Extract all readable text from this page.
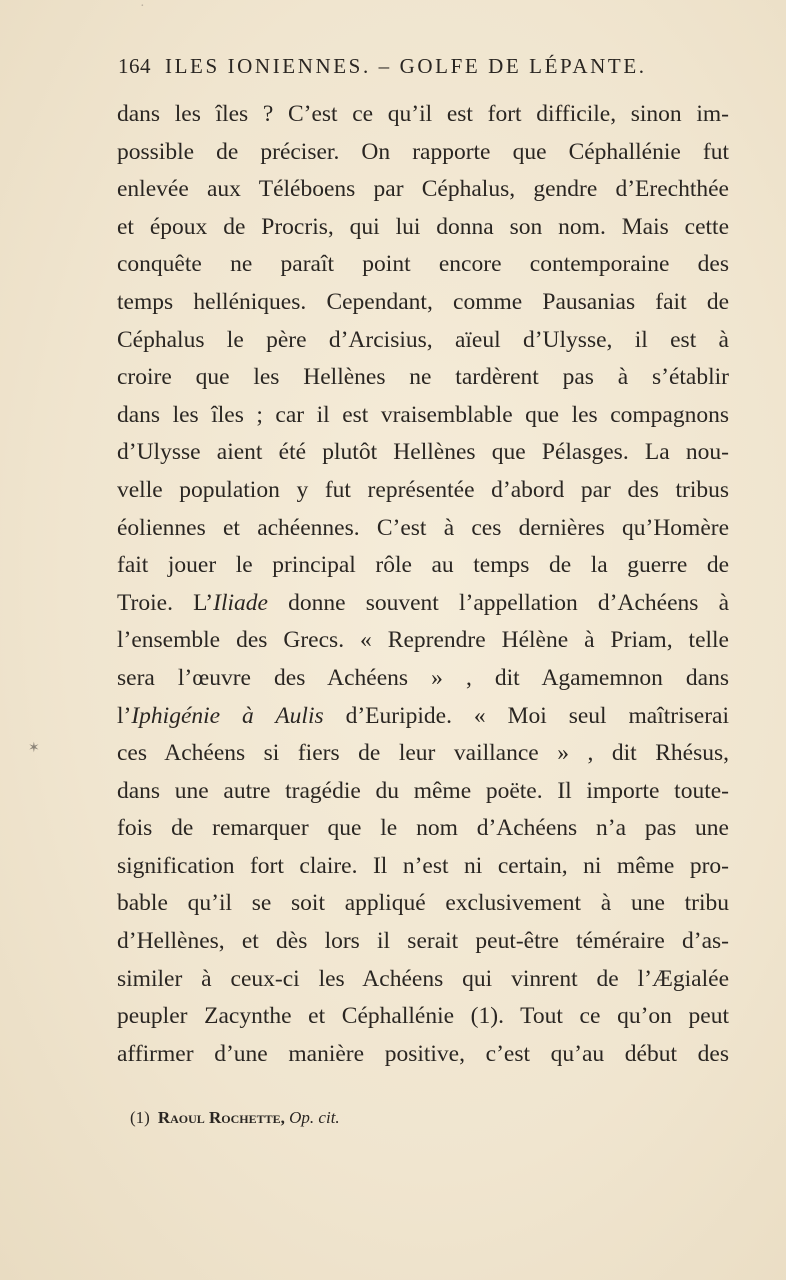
·
✶
164 ILES IONIENNES. – GOLFE DE LÉPANTE.
dans les îles ? C’est ce qu’il est fort difficile, sinon im-
possible de préciser. On rapporte que Céphallénie fut
enlevée aux Téléboens par Céphalus, gendre d’Erechthée
et époux de Procris, qui lui donna son nom. Mais cette
conquête ne paraît point encore contemporaine des
temps helléniques. Cependant, comme Pausanias fait de
Céphalus le père d’Arcisius, aïeul d’Ulysse, il est à
croire que les Hellènes ne tardèrent pas à s’établir
dans les îles ; car il est vraisemblable que les compagnons
d’Ulysse aient été plutôt Hellènes que Pélasges. La nou-
velle population y fut représentée d’abord par des tribus
éoliennes et achéennes. C’est à ces dernières qu’Homère
fait jouer le principal rôle au temps de la guerre de
Troie. L’Iliade donne souvent l’appellation d’Achéens à
l’ensemble des Grecs. « Reprendre Hélène à Priam, telle
sera l’œuvre des Achéens » , dit Agamemnon dans
l’Iphigénie à Aulis d’Euripide. « Moi seul maîtriserai
ces Achéens si fiers de leur vaillance » , dit Rhésus,
dans une autre tragédie du même poëte. Il importe toute-
fois de remarquer que le nom d’Achéens n’a pas une
signification fort claire. Il n’est ni certain, ni même pro-
bable qu’il se soit appliqué exclusivement à une tribu
d’Hellènes, et dès lors il serait peut-être téméraire d’as-
similer à ceux-ci les Achéens qui vinrent de l’Ægialée
peupler Zacynthe et Céphallénie (1). Tout ce qu’on peut
affirmer d’une manière positive, c’est qu’au début des
(1) Raoul Rochette, Op. cit.
